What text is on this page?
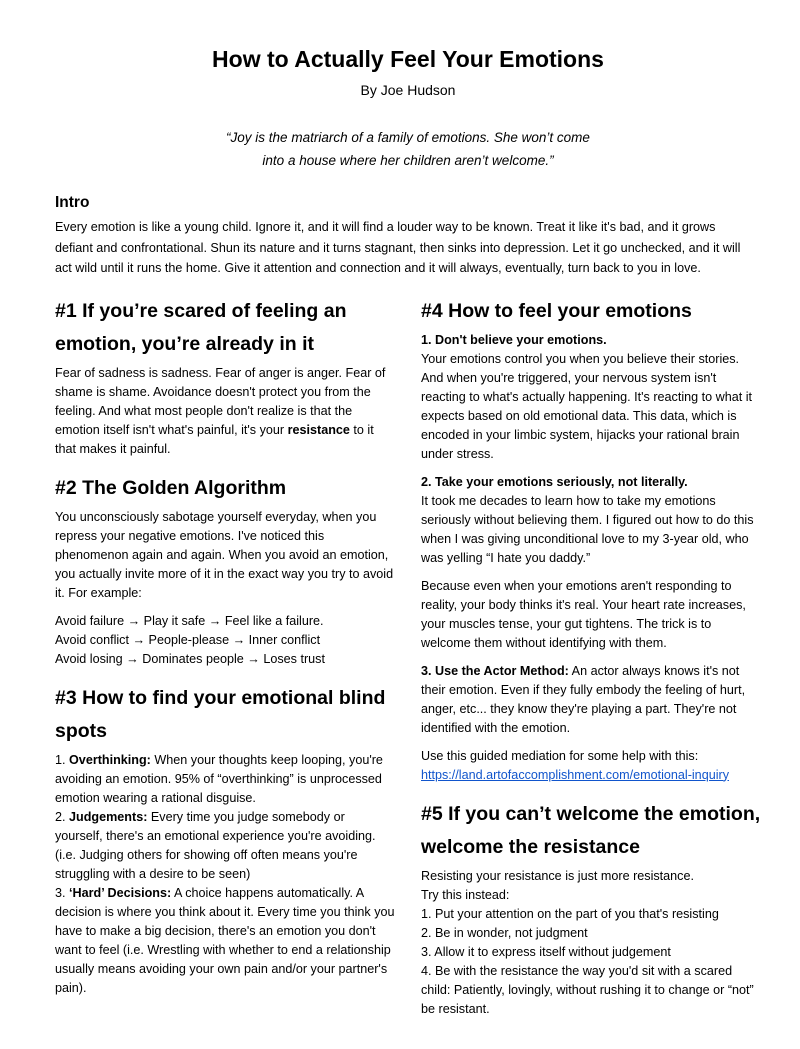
How to Actually Feel Your Emotions
By Joe Hudson
“Joy is the matriarch of a family of emotions. She won’t come
into a house where her children aren’t welcome.”
Intro

Every emotion is like a young child. Ignore it, and it will find a louder way to be known. Treat it like it's bad, and it grows defiant and confrontational. Shun its nature and it turns stagnant, then sinks into depression. Let it go unchecked, and it will act wild until it runs the home. Give it attention and connection and it will always, eventually, turn back to you in love.

#1 If you’re scared of feeling an emotion, you’re already in it

Fear of sadness is sadness. Fear of anger is anger. Fear of shame is shame. Avoidance doesn't protect you from the feeling. And what most people don't realize is that the emotion itself isn't what's painful, it's your resistance to it that makes it painful.

#2 The Golden Algorithm

You unconsciously sabotage yourself everyday, when you repress your negative emotions. I've noticed this phenomenon again and again. When you avoid an emotion, you actually invite more of it in the exact way you try to avoid it. For example:

Avoid failure → Play it safe → Feel like a failure.
Avoid conflict → People-please → Inner conflict
Avoid losing → Dominates people → Loses trust
#3 How to find your emotional blind spots

1. Overthinking: When your thoughts keep looping, you're avoiding an emotion. 95% of “overthinking” is unprocessed emotion wearing a rational disguise.

2. Judgements: Every time you judge somebody or yourself, there's an emotional experience you're avoiding. (i.e. Judging others for showing off often means you're struggling with a desire to be seen)

3. ‘Hard’ Decisions: A choice happens automatically. A decision is where you think about it. Every time you think you have to make a big decision, there's an emotion you don't want to feel (i.e. Wrestling with whether to end a relationship usually means avoiding your own pain and/or your partner's pain).

#4 How to feel your emotions
1. Don't believe your emotions.

Your emotions control you when you believe their stories. And when you're triggered, your nervous system isn't reacting to what's actually happening. It's reacting to what it expects based on old emotional data. This data, which is encoded in your limbic system, hijacks your rational brain under stress.

2. Take your emotions seriously, not literally.

It took me decades to learn how to take my emotions seriously without believing them. I figured out how to do this when I was giving unconditional love to my 3-year old, who was yelling “I hate you daddy.”

Because even when your emotions aren't responding to reality, your body thinks it's real. Your heart rate increases, your muscles tense, your gut tightens. The trick is to welcome them without identifying with them.

3. Use the Actor Method: An actor always knows it's not their emotion. Even if they fully embody the feeling of hurt, anger, etc... they know they're playing a part. They're not identified with the emotion.

Use this guided mediation for some help with this:
https://land.artofaccomplishment.com/emotional-inquiry
#5 If you can’t welcome the emotion, welcome the resistance
Resisting your resistance is just more resistance.
Try this instead:
1. Put your attention on the part of you that's resisting
2. Be in wonder, not judgment
3. Allow it to express itself without judgement
4. Be with the resistance the way you'd sit with a scared child: Patiently, lovingly, without rushing it to change or “not” be resistant.
